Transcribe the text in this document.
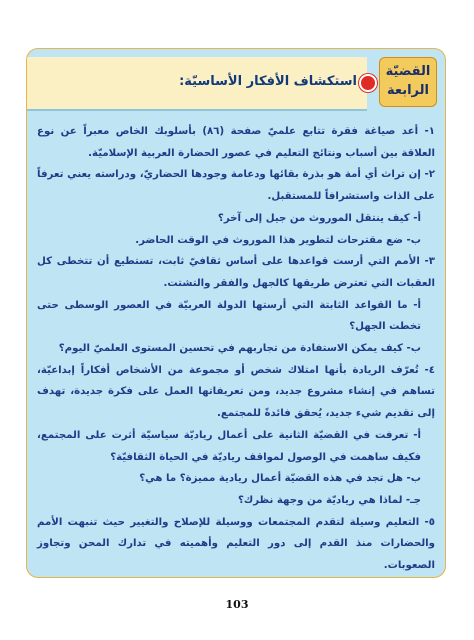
استكشاف الأفكار الأساسيّة:
القضيّة
الرابعة

١- أعد صياغة فقرة تتابع علميّ صفحة (٨٦) بأسلوبك الخاص معبراً عن نوع العلاقة بين أسباب ونتائج التعليم في عصور الحضارة العربية الإسلاميّة.

٢- إن تراث أي أمة هو بذرة بقائها ودعامة وجودها الحضاريّ، ودراسته يعني تعرفاً على الذات واستشرافاً للمستقبل.

أ- كيف ينتقل الموروث من جيل إلى آخر؟

ب- ضع مقترحات لتطوير هذا الموروث في الوقت الحاضر.

٣- الأمم التي أرست قواعدها على أساس ثقافيّ ثابت، تستطيع أن تتخطى كل العقبات التي تعترض طريقها كالجهل والفقر والتشتت.

أ- ما القواعد الثابتة التي أرستها الدولة العربيّة في العصور الوسطى حتى تخطت الجهل؟

ب- كيف يمكن الاستفادة من تجاربهم في تحسين المستوى العلميّ اليوم؟

٤- تُعرّف الريادة بأنها امتلاك شخص أو مجموعة من الأشخاص أفكاراً إبداعيّة، تساهم في إنشاء مشروع جديد، ومن تعريفاتها العمل على فكرة جديدة، تهدف إلى تقديم شيء جديد، يُحقق فائدةً للمجتمع.

أ- تعرفت في القضيّة الثانية على أعمال رياديّة سياسيّة أثرت على المجتمع، فكيف ساهمت في الوصول لمواقف رياديّة في الحياة الثقافيّة؟

ب- هل تجد في هذه القضيّة أعمال ريادية مميزة؟ ما هي؟

جـ- لماذا هي رياديّة من وجهة نظرك؟

٥- التعليم وسيلة لتقدم المجتمعات ووسيلة للإصلاح والتغيير حيث تنبهت الأمم والحضارات منذ القدم إلى دور التعليم وأهميته في تدارك المحن وتجاوز الصعوبات.

103
